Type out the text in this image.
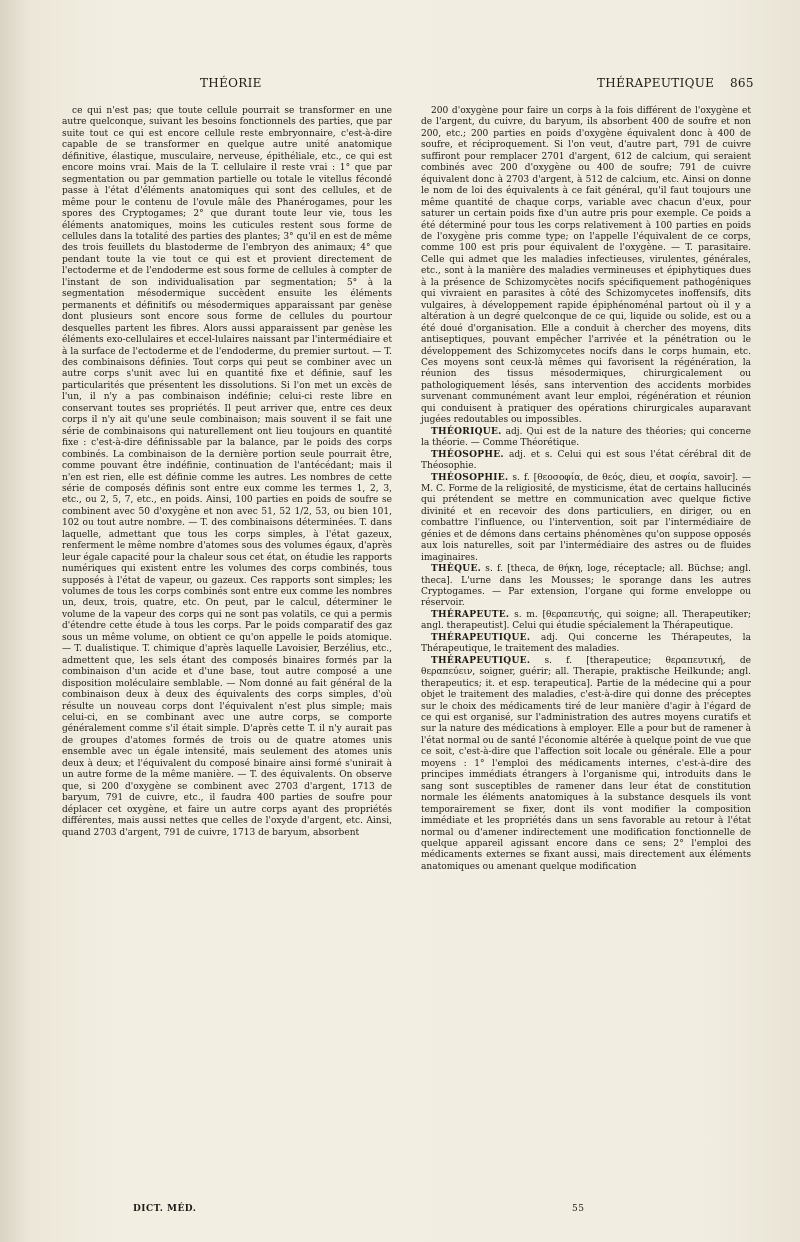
THÉORIE	THÉRAPEUTIQUE 865

ce qui n'est pas; que toute cellule pourrait se transformer en une autre quelconque, suivant les besoins fonctionnels des parties, que par suite tout ce qui est encore cellule reste embryonnaire, c'est-à-dire capable de se transformer en quelque autre unité anatomique définitive, élastique, musculaire, nerveuse, épithéliale, etc., ce qui est encore moins vrai. Mais de la T. cellulaire il reste vrai : 1° que par segmentation ou par gemmation partielle ou totale le vitellus fécondé passe à l'état d'éléments anatomiques qui sont des cellules, et de même pour le contenu de l'ovule mâle des Phanérogames, pour les spores des Cryptogames; 2° que durant toute leur vie, tous les éléments anatomiques, moins les cuticules restent sous forme de cellules dans la totalité des parties des plantes; 3° qu'il en est de même des trois feuillets du blastoderme de l'embryon des animaux; 4° que pendant toute la vie tout ce qui est et provient directement de l'ectoderme et de l'endoderme est sous forme de cellules à compter de l'instant de son individualisation par segmentation; 5° à la segmentation mésodermique succèdent ensuite les éléments permanents et définitifs ou mésodermiques apparaissant par genèse dont plusieurs sont encore sous forme de cellules du pourtour desquelles partent les fibres. Alors aussi apparaissent par genèse les éléments exo-cellulaires et eccel-lulaires naissant par l'intermédiaire et à la surface de l'ectoderme et de l'endoderme, du premier surtout. — T. des combinaisons définies. Tout corps qui peut se combiner avec un autre corps s'unit avec lui en quantité fixe et définie, sauf les particularités que présentent les dissolutions. Si l'on met un excès de l'un, il n'y a pas combinaison indéfinie; celui-ci reste libre en conservant toutes ses propriétés. Il peut arriver que, entre ces deux corps il n'y ait qu'une seule combinaison; mais souvent il se fait une série de combinaisons qui naturellement ont lieu toujours en quantité fixe : c'est-à-dire définissable par la balance, par le poids des corps combinés. La combinaison de la dernière portion seule pourrait être, comme pouvant être indéfinie, continuation de l'antécédant; mais il n'en est rien, elle est définie comme les autres. Les nombres de cette série de composés définis sont entre eux comme les termes 1, 2, 3, etc., ou 2, 5, 7, etc., en poids. Ainsi, 100 parties en poids de soufre se combinent avec 50 d'oxygène et non avec 51, 52 1/2, 53, ou bien 101, 102 ou tout autre nombre. — T. des combinaisons déterminées. T. dans laquelle, admettant que tous les corps simples, à l'état gazeux, renferment le même nombre d'atomes sous des volumes égaux, d'après leur égale capacité pour la chaleur sous cet état, on étudie les rapports numériques qui existent entre les volumes des corps combinés, tous supposés à l'état de vapeur, ou gazeux. Ces rapports sont simples; les volumes de tous les corps combinés sont entre eux comme les nombres un, deux, trois, quatre, etc. On peut, par le calcul, déterminer le volume de la vapeur des corps qui ne sont pas volatils, ce qui a permis d'étendre cette étude à tous les corps. Par le poids comparatif des gaz sous un même volume, on obtient ce qu'on appelle le poids atomique. — T. dualistique. T. chimique d'après laquelle Lavoisier, Berzélius, etc., admettent que, les sels étant des composés binaires formés par la combinaison d'un acide et d'une base, tout autre composé a une disposition moléculaire semblable. — Nom donné au fait général de la combinaison deux à deux des équivalents des corps simples, d'où résulte un nouveau corps dont l'équivalent n'est plus simple; mais celui-ci, en se combinant avec une autre corps, se comporte généralement comme s'il était simple. D'après cette T. il n'y aurait pas de groupes d'atomes formés de trois ou de quatre atomes unis ensemble avec un égale intensité, mais seulement des atomes unis deux à deux; et l'équivalent du composé binaire ainsi formé s'unirait à un autre forme de la même manière. — T. des équivalents. On observe que, si 200 d'oxygène se combinent avec 2703 d'argent, 1713 de baryum, 791 de cuivre, etc., il faudra 400 parties de soufre pour déplacer cet oxygène, et faire un autre corps ayant des propriétés différentes, mais aussi nettes que celles de l'oxyde d'argent, etc. Ainsi, quand 2703 d'argent, 791 de cuivre, 1713 de baryum, absorbent

200 d'oxygène pour faire un corps à la fois différent de l'oxygène et de l'argent, du cuivre, du baryum, ils absorbent 400 de soufre et non 200, etc.; 200 parties en poids d'oxygène équivalent donc à 400 de soufre, et réciproquement. Si l'on veut, d'autre part, 791 de cuivre suffiront pour remplacer 2701 d'argent, 612 de calcium, qui seraient combinés avec 200 d'oxygène ou 400 de soufre; 791 de cuivre équivalent donc à 2703 d'argent, à 512 de calcium, etc. Ainsi on donne le nom de loi des équivalents à ce fait général, qu'il faut toujours une même quantité de chaque corps, variable avec chacun d'eux, pour saturer un certain poids fixe d'un autre pris pour exemple. Ce poids a été déterminé pour tous les corps relativement à 100 parties en poids de l'oxygène pris comme type; on l'appelle l'équivalent de ce corps, comme 100 est pris pour équivalent de l'oxygène. — T. parasitaire. Celle qui admet que les maladies infectieuses, virulentes, générales, etc., sont à la manière des maladies vermineuses et épiphytiques dues à la présence de Schizomycètes nocifs spécifiquement pathogéniques qui vivraient en parasites à côté des Schizomycetes inoffensifs, dits vulgaires, à développement rapide épiphénoménal partout où il y a altération à un degré quelconque de ce qui, liquide ou solide, est ou a été doué d'organisation. Elle a conduit à chercher des moyens, dits antiseptiques, pouvant empêcher l'arrivée et la pénétration ou le développement des Schizomycetes nocifs dans le corps humain, etc. Ces moyens sont ceux-là mêmes qui favorisent la régénération, la réunion des tissus mésodermiques, chirurgicalement ou pathologiquement lésés, sans intervention des accidents morbides survenant communément avant leur emploi, régénération et réunion qui conduisent à pratiquer des opérations chirurgicales auparavant jugées redoutables ou impossibles.

THÉORIQUE. adj. Qui est de la nature des théories; qui concerne la théorie. — Comme Théorétique.

THÉOSOPHE. adj. et s. Celui qui est sous l'état cérébral dit de Théosophie.

THÉOSOPHIE. s. f. [θεοσοφία, de θεός, dieu, et σοφία, savoir]. — M. C. Forme de la religiosité, de mysticisme, état de certains hallucinés qui prétendent se mettre en communication avec quelque fictive divinité et en recevoir des dons particuliers, en diriger, ou en combattre l'influence, ou l'intervention, soit par l'intermédiaire de génies et de démons dans certains phénomènes qu'on suppose opposés aux lois naturelles, soit par l'intermédiaire des astres ou de fluides imaginaires.

THÈQUE. s. f. [theca, de θήκη, loge, réceptacle; all. Büchse; angl. theca]. L'urne dans les Mousses; le sporange dans les autres Cryptogames. — Par extension, l'organe qui forme enveloppe ou réservoir.

THÉRAPEUTE. s. m. [θεραπευτής, qui soigne; all. Therapeutiker; angl. therapeutist]. Celui qui étudie spécialement la Thérapeutique.

THÉRAPEUTIQUE. adj. Qui concerne les Thérapeutes, la Thérapeutique, le traitement des maladies.

THÉRAPEUTIQUE. s. f. [therapeutice; θεραπευτική, de θεραπεύειν, soigner, guérir; all. Therapie, praktische Heilkunde; angl. therapeutics; it. et esp. terapeutica]. Partie de la médecine qui a pour objet le traitement des maladies, c'est-à-dire qui donne des préceptes sur le choix des médicaments tiré de leur manière d'agir à l'égard de ce qui est organisé, sur l'administration des autres moyens curatifs et sur la nature des médications à employer. Elle a pour but de ramener à l'état normal ou de santé l'économie altérée à quelque point de vue que ce soit, c'est-à-dire que l'affection soit locale ou générale. Elle a pour moyens : 1° l'emploi des médicaments internes, c'est-à-dire des principes immédiats étrangers à l'organisme qui, introduits dans le sang sont susceptibles de ramener dans leur état de constitution normale les éléments anatomiques à la substance desquels ils vont temporairement se fixer, dont ils vont modifier la composition immédiate et les propriétés dans un sens favorable au retour à l'état normal ou d'amener indirectement une modification fonctionnelle de quelque appareil agissant encore dans ce sens; 2° l'emploi des médicaments externes se fixant aussi, mais directement aux éléments anatomiques ou amenant quelque modification

DICT. MÉD.	55
